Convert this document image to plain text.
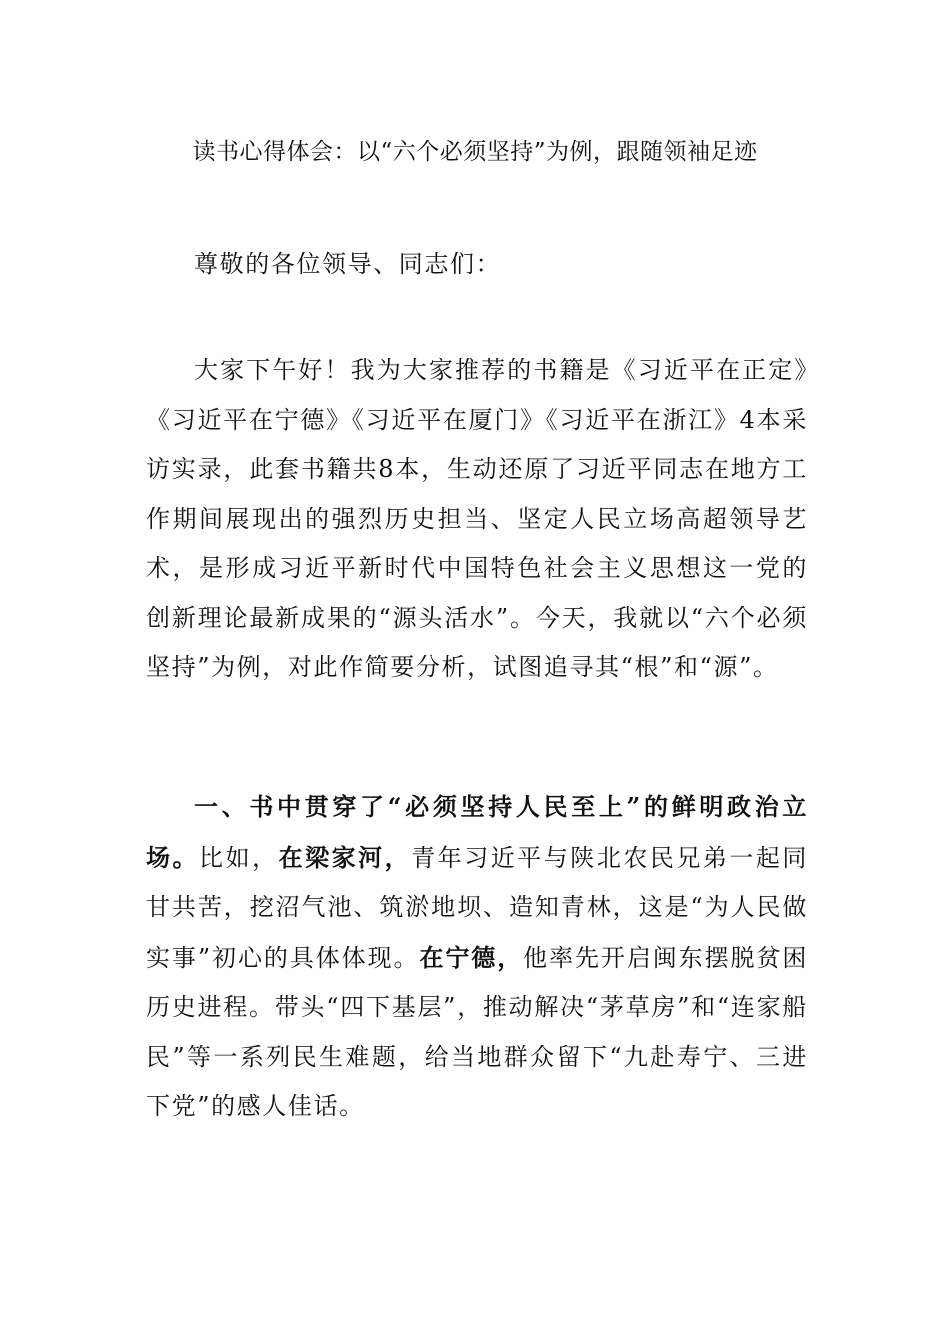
读书心得体会：以“六个必须坚持”为例，跟随领袖足迹

尊敬的各位领导、同志们：

大家下午好！我为大家推荐的书籍是《习近平在正定》《习近平在宁德》《习近平在厦门》《习近平在浙江》4本采访实录，此套书籍共8本，生动还原了习近平同志在地方工作期间展现出的强烈历史担当、坚定人民立场高超领导艺术，是形成习近平新时代中国特色社会主义思想这一党的创新理论最新成果的“源头活水”。今天，我就以“六个必须坚持”为例，对此作简要分析，试图追寻其“根”和“源”。

一、书中贯穿了“必须坚持人民至上”的鲜明政治立场。比如，在梁家河，青年习近平与陕北农民兄弟一起同甘共苦，挖沼气池、筑淤地坝、造知青林，这是“为人民做实事”初心的具体体现。在宁德，他率先开启闽东摆脱贫困历史进程。带头“四下基层”，推动解决“茅草房”和“连家船民”等一系列民生难题，给当地群众留下“九赴寿宁、三进下党”的感人佳话。
